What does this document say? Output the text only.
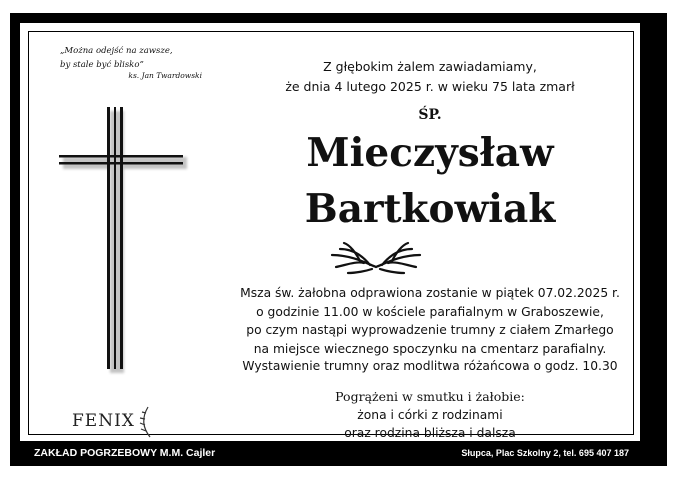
„Można odejść na zawsze,
by stale być blisko”
ks. Jan Twardowski
FENIX
Z głębokim żalem zawiadamiamy,
że dnia 4 lutego 2025 r. w wieku 75 lata zmarł
ŚP.
Mieczysław
Bartkowiak
Msza św. żałobna odprawiona zostanie w piątek 07.02.2025 r.
o godzinie 11.00 w kościele parafialnym w Graboszewie,
po czym nastąpi wyprowadzenie trumny z ciałem Zmarłego
na miejsce wiecznego spoczynku na cmentarz parafialny.
Wystawienie trumny oraz modlitwa różańcowa o godz. 10.30
Pogrążeni w smutku i żałobie:
żona i córki z rodzinami
oraz rodzina bliższa i dalsza
ZAKŁAD POGRZEBOWY M.M. Cajler	Słupca, Plac Szkolny 2, tel. 695 407 187
